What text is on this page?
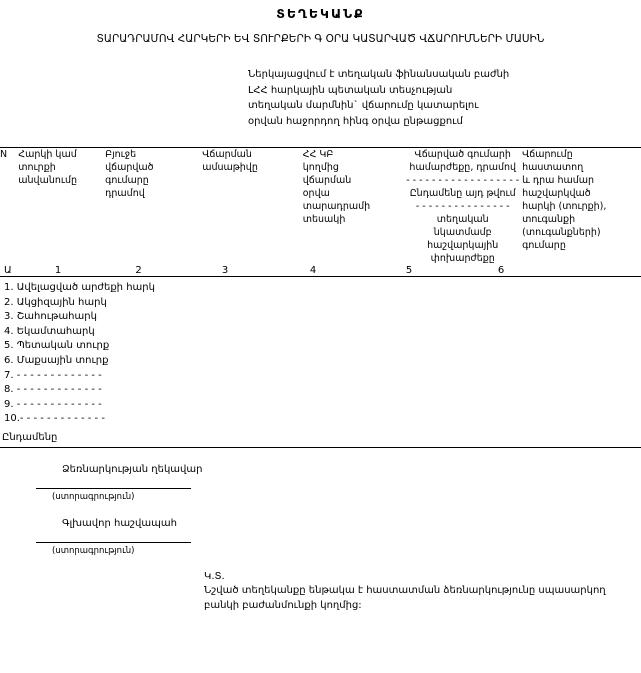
ՏԵՂԵԿԱՆՔ
ՏԱՐԱԴՐԱՄՈՎ ՀԱՐԿԵՐԻ ԵՎ ՏՈՒՐՔԵՐԻ Գ ՕՐԱ ԿԱՏԱՐՎԱԾ ՎՃԱՐՈՒՄՆԵՐԻ ՄԱՍԻՆ
Ներկայացվում է տեղական ֆինանսական բաժնի
ԼՀՀ հարկային պետական տեսչության
տեղական մարմնին` վճարումը կատարելու
օրվան հաջորդող հինգ օրվա ընթացքում
N	Հարկի կամ
տուրքի
անվանումը

Բյուջե
վճարված
գումարը
դրամով

Վճարման
ամսաթիվը

ՀՀ ԿԲ
կողմից
վճարման
օրվա
տարադրամի
տեսակի

Վճարված գումարի
համարժեքը, դրամով
- - - - - - - - - - - - - - - - - -
Ընդամենը այդ թվում
- - - - - - - - - - - - - - -
տեղական
նկատմամբ
հաշվարկային
փոխարժեքը

Վճարումը
հաստատող
և դրա համար
հաշվարկված
հարկի (տուրքի),
տուգանքի
(տուգանքների)
գումարը
Ա	1	2	3	4	5	6	
1. Ավելացված արժեքի հարկ
2. Ակցիզային հարկ
3. Շահութահարկ
4. Եկամտահարկ
5. Պետական տուրք
6. Մաքսային տուրք
7. - - - - - - - - - - - - -
8. - - - - - - - - - - - - -
9. - - - - - - - - - - - - -
10.- - - - - - - - - - - - -
Ընդամենը
Ձեռնարկության ղեկավար
(ստորագրություն)
Գլխավոր հաշվապահ
(ստորագրություն)
Կ.Տ.
Նշված տեղեկանքը ենթակա է հաստատման ձեռնարկությունը սպասարկող
բանկի բաժանմունքի կողմից:
